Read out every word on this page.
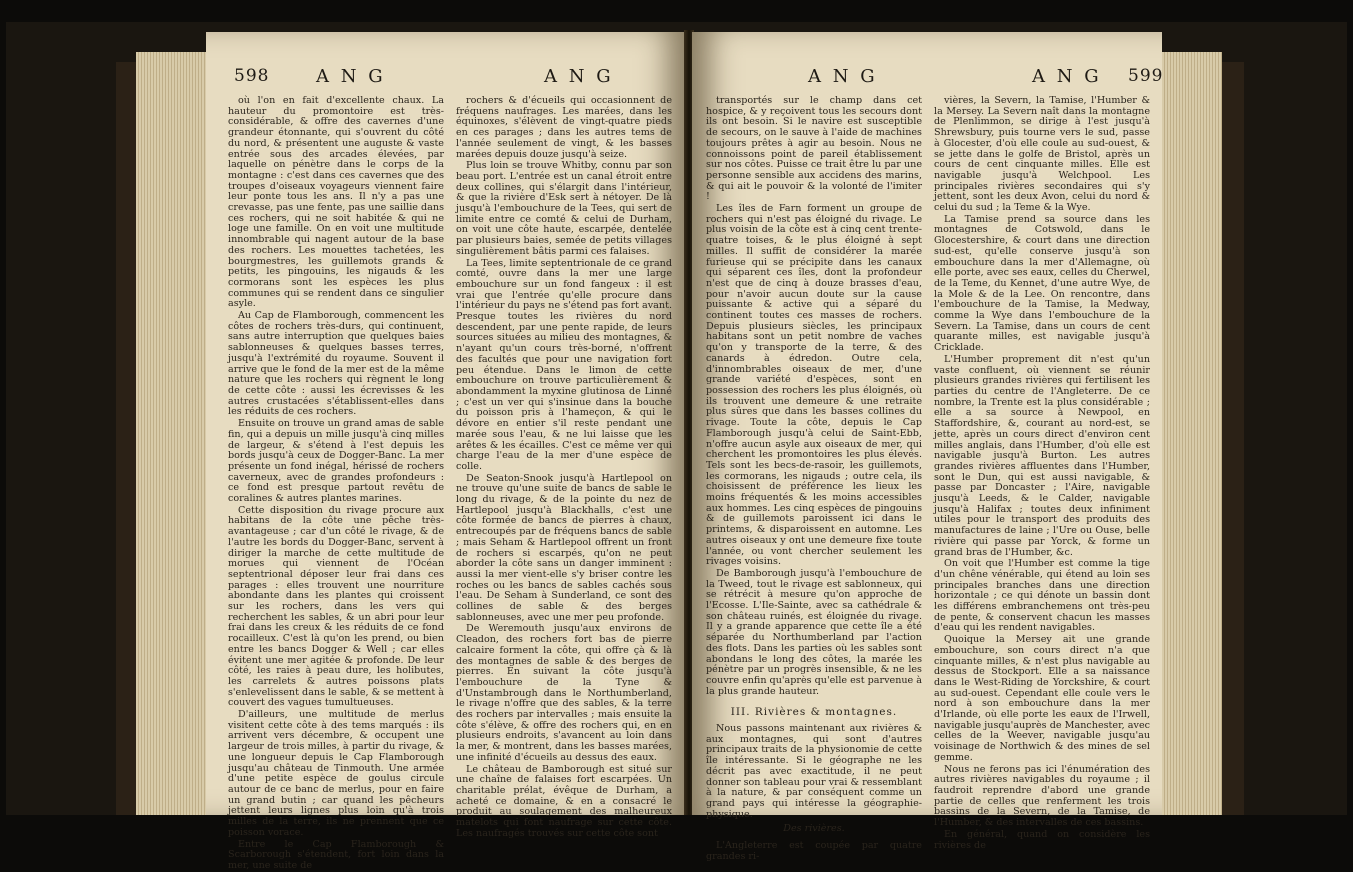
598	A N G	A N G

où l'on en fait d'excellente chaux. La hauteur du promontoire est très-considérable, & offre des cavernes d'une grandeur étonnante, qui s'ouvrent du côté du nord, & présentent une auguste & vaste entrée sous des arcades élevées, par laquelle on pénètre dans le corps de la montagne : c'est dans ces cavernes que des troupes d'oiseaux voyageurs viennent faire leur ponte tous les ans. Il n'y a pas une crevasse, pas une fente, pas une saillie dans ces rochers, qui ne soit habitée & qui ne loge une famille. On en voit une multitude innombrable qui nagent autour de la base des rochers. Les mouettes tachetées, les bourgmestres, les guillemots grands & petits, les pingouins, les nigauds & les cormorans sont les espèces les plus communes qui se rendent dans ce singulier asyle.

Au Cap de Flamborough, commencent les côtes de rochers très-durs, qui continuent, sans autre interruption que quelques baies sablonneuses & quelques basses terres, jusqu'à l'extrémité du royaume. Souvent il arrive que le fond de la mer est de la même nature que les rochers qui règnent le long de cette côte : aussi les écrevisses & les autres crustacées s'établissent-elles dans les réduits de ces rochers.

Ensuite on trouve un grand amas de sable fin, qui a depuis un mille jusqu'à cinq milles de largeur, & s'étend à l'est depuis les bords jusqu'à ceux de Dogger-Banc. La mer présente un fond inégal, hérissé de rochers caverneux, avec de grandes profondeurs : ce fond est presque partout revêtu de coralines & autres plantes marines.

Cette disposition du rivage procure aux habitans de la côte une pêche très-avantageuse ; car d'un côté le rivage, & de l'autre les bords du Dogger-Banc, servent à diriger la marche de cette multitude de morues qui viennent de l'Océan septentrional déposer leur frai dans ces parages : elles trouvent une nourriture abondante dans les plantes qui croissent sur les rochers, dans les vers qui recherchent les sables, & un abri pour leur frai dans les creux & les réduits de ce fond rocailleux. C'est là qu'on les prend, ou bien entre les bancs Dogger & Well ; car elles évitent une mer agitée & profonde. De leur côté, les raies à peau dure, les holibutes, les carrelets & autres poissons plats s'enlevelissent dans le sable, & se mettent à couvert des vagues tumultueuses.

D'ailleurs, une multitude de merlus visitent cette côte à des tems marqués : ils arrivent vers décembre, & occupent une largeur de trois milles, à partir du rivage, & une longueur depuis le Cap Flamborough jusqu'au château de Tinmouth. Une armée d'une petite espèce de goulus circule autour de ce banc de merlus, pour en faire un grand butin ; car quand les pêcheurs jettent leurs lignes plus loin qu'à trois milles de la terre, ils ne prennent que ce poisson vorace.

Entre le Cap Flamborough & Scarborough s'étendent, fort loin dans la mer, une suite de

rochers & d'écueils qui occasionnent de fréquens naufrages. Les marées, dans les équinoxes, s'élèvent de vingt-quatre pieds en ces parages ; dans les autres tems de l'année seulement de vingt, & les basses marées depuis douze jusqu'à seize.

Plus loin se trouve Whitby, connu par son beau port. L'entrée est un canal étroit entre deux collines, qui s'élargit dans l'intérieur, & que la rivière d'Esk sert à nétoyer. De là jusqu'à l'embouchure de la Tees, qui sert de limite entre ce comté & celui de Durham, on voit une côte haute, escarpée, dentelée par plusieurs baies, semée de petits villages singulièrement bâtis parmi ces falaises.

La Tees, limite septentrionale de ce grand comté, ouvre dans la mer une large embouchure sur un fond fangeux : il est vrai que l'entrée qu'elle procure dans l'intérieur du pays ne s'étend pas fort avant. Presque toutes les rivières du nord descendent, par une pente rapide, de leurs sources situées au milieu des montagnes, & n'ayant qu'un cours très-borné, n'offrent des facultés que pour une navigation fort peu étendue. Dans le limon de cette embouchure on trouve particulièrement & abondamment la myxine glutinosa de Linné ; c'est un ver qui s'insinue dans la bouche du poisson pris à l'hameçon, & qui le dévore en entier s'il reste pendant une marée sous l'eau, & ne lui laisse que les arêtes & les écailles. C'est ce même ver qui charge l'eau de la mer d'une espèce de colle.

De Seaton-Snook jusqu'à Hartlepool on ne trouve qu'une suite de bancs de sable le long du rivage, & de la pointe du nez de Hartlepool jusqu'à Blackhalls, c'est une côte formée de bancs de pierres à chaux, entrecoupés par de fréquens bancs de sable ; mais Seham & Hartlepool offrent un front de rochers si escarpés, qu'on ne peut aborder la côte sans un danger imminent : aussi la mer vient-elle s'y briser contre les roches ou les bancs de sables cachés sous l'eau. De Seham à Sunderland, ce sont des collines de sable & des berges sablonneuses, avec une mer peu profonde.

De Weremouth jusqu'aux environs de Cleadon, des rochers fort bas de pierre calcaire forment la côte, qui offre çà & là des montagnes de sable & des berges de pierres. En suivant la côte jusqu'à l'embouchure de la Tyne & d'Unstambrough dans le Northumberland, le rivage n'offre que des sables, & la terre des rochers par intervalles ; mais ensuite la côte s'élève, & offre des rochers qui, en en plusieurs endroits, s'avancent au loin dans la mer, & montrent, dans les basses marées, une infinité d'écueils au dessus des eaux.

Le château de Bamborough est situé sur une chaîne de falaises fort escarpées. Un charitable prélat, évêque de Durham, a acheté ce domaine, & en a consacré le produit au soulagement des malheureux matelots qui font naufrage sur cette côte. Les naufragés trouvés sur cette côte sont

A N G	A N G 599

transportés sur le champ dans cet hospice, & y reçoivent tous les secours dont ils ont besoin. Si le navire est susceptible de secours, on le sauve à l'aide de machines toujours prêtes à agir au besoin. Nous ne connoissons point de pareil établissement sur nos côtes. Puisse ce trait être lu par une personne sensible aux accidens des marins, & qui ait le pouvoir & la volonté de l'imiter !

Les îles de Farn forment un groupe de rochers qui n'est pas éloigné du rivage. Le plus voisin de la côte est à cinq cent trente-quatre toises, & le plus éloigné à sept milles. Il suffit de considérer la marée furieuse qui se précipite dans les canaux qui séparent ces îles, dont la profondeur n'est que de cinq à douze brasses d'eau, pour n'avoir aucun doute sur la cause puissante & active qui a séparé du continent toutes ces masses de rochers. Depuis plusieurs siècles, les principaux habitans sont un petit nombre de vaches qu'on y transporte de la terre, & des canards à édredon. Outre cela, d'innombrables oiseaux de mer, d'une grande variété d'espèces, sont en possession des rochers les plus éloignés, où ils trouvent une demeure & une retraite plus sûres que dans les basses collines du rivage. Toute la côte, depuis le Cap Flamborough jusqu'à celui de Saint-Ebb, n'offre aucun asyle aux oiseaux de mer, qui cherchent les promontoires les plus élevés. Tels sont les becs-de-rasoir, les guillemots, les cormorans, les nigauds ; outre cela, ils choisissent de préférence les lieux les moins fréquentés & les moins accessibles aux hommes. Les cinq espèces de pingouins & de guillemots paroissent ici dans le printems, & disparoissent en automne. Les autres oiseaux y ont une demeure fixe toute l'année, ou vont chercher seulement les rivages voisins.

De Bamborough jusqu'à l'embouchure de la Tweed, tout le rivage est sablonneux, qui se rétrécit à mesure qu'on approche de l'Ecosse. L'Ile-Sainte, avec sa cathédrale & son château ruinés, est éloignée du rivage. Il y a grande apparence que cette île a été séparée du Northumberland par l'action des flots. Dans les parties où les sables sont abondans le long des côtes, la marée les pénètre par un progrès insensible, & ne les couvre enfin qu'après qu'elle est parvenue à la plus grande hauteur.

III. Rivières & montagnes.

Nous passons maintenant aux rivières & aux montagnes, qui sont d'autres principaux traits de la physionomie de cette île intéressante. Si le géographe ne les décrit pas avec exactitude, il ne peut donner son tableau pour vrai & ressemblant à la nature, & par conséquent comme un grand pays qui intéresse la géographie-physique.

Des rivières.

L'Angleterre est coupée par quatre grandes ri-

vières, la Severn, la Tamise, l'Humber & la Mersey. La Severn naît dans la montagne de Plenlimmon, se dirige à l'est jusqu'à Shrewsbury, puis tourne vers le sud, passe à Glocester, d'où elle coule au sud-ouest, & se jette dans le golfe de Bristol, après un cours de cent cinquante milles. Elle est navigable jusqu'à Welchpool. Les principales rivières secondaires qui s'y jettent, sont les deux Avon, celui du nord & celui du sud ; la Teme & la Wye.

La Tamise prend sa source dans les montagnes de Cotswold, dans le Glocestershire, & court dans une direction sud-est, qu'elle conserve jusqu'à son embouchure dans la mer d'Allemagne, où elle porte, avec ses eaux, celles du Cherwel, de la Teme, du Kennet, d'une autre Wye, de la Mole & de la Lee. On rencontre, dans l'embouchure de la Tamise, la Medway, comme la Wye dans l'embouchure de la Severn. La Tamise, dans un cours de cent quarante milles, est navigable jusqu'à Cricklade.

L'Humber proprement dit n'est qu'un vaste confluent, où viennent se réunir plusieurs grandes rivières qui fertilisent les parties du centre de l'Angleterre. De ce nombre, la Trente est la plus considérable ; elle a sa source à Newpool, en Staffordshire, &, courant au nord-est, se jette, après un cours direct d'environ cent milles anglais, dans l'Humber, d'où elle est navigable jusqu'à Burton. Les autres grandes rivières affluentes dans l'Humber, sont le Dun, qui est aussi navigable, & passe par Doncaster ; l'Aire, navigable jusqu'à Leeds, & le Calder, navigable jusqu'à Halifax ; toutes deux infiniment utiles pour le transport des produits des manufactures de laine ; l'Ure ou Ouse, belle rivière qui passe par Yorck, & forme un grand bras de l'Humber, &c.

On voit que l'Humber est comme la tige d'un chêne vénérable, qui étend au loin ses principales branches dans une direction horizontale ; ce qui dénote un bassin dont les différens embranchemens ont très-peu de pente, & conservent chacun les masses d'eau qui les rendent navigables.

Quoique la Mersey ait une grande embouchure, son cours direct n'a que cinquante milles, & n'est plus navigable au dessus de Stockport. Elle a sa naissance dans le West-Riding de Yorckshire, & court au sud-ouest. Cependant elle coule vers le nord à son embouchure dans la mer d'Irlande, où elle porte les eaux de l'Irwell, navigable jusqu'auprès de Manchester, avec celles de la Weever, navigable jusqu'au voisinage de Northwich & des mines de sel gemme.

Nous ne ferons pas ici l'énumération des autres rivières navigables du royaume ; il faudroit reprendre d'abord une grande partie de celles que renferment les trois bassins de la Severn, de la Tamise, de l'Humber, & des intervalles de ces bassins.

En général, quand on considère les rivières de
